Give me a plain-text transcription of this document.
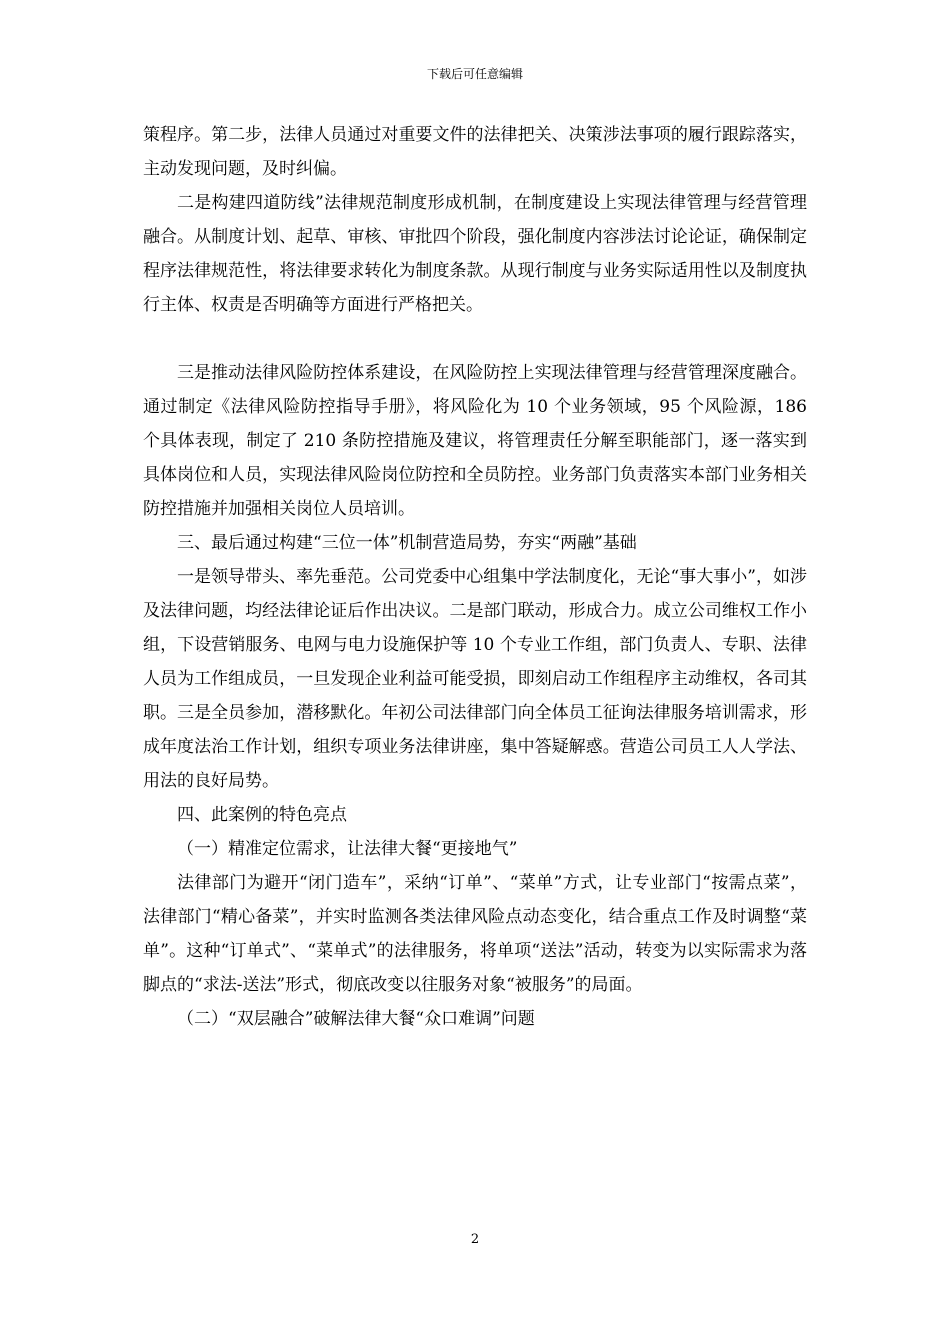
下载后可任意编辑

策程序。第二步，法律人员通过对重要文件的法律把关、决策涉法事项的履行跟踪落实，主动发现问题，及时纠偏。

二是构建四道防线”法律规范制度形成机制，在制度建设上实现法律管理与经营管理融合。从制度计划、起草、审核、审批四个阶段，强化制度内容涉法讨论论证，确保制定程序法律规范性，将法律要求转化为制度条款。从现行制度与业务实际适用性以及制度执行主体、权责是否明确等方面进行严格把关。

三是推动法律风险防控体系建设，在风险防控上实现法律管理与经营管理深度融合。通过制定《法律风险防控指导手册》，将风险化为 10 个业务领域，95 个风险源，186 个具体表现，制定了 210 条防控措施及建议，将管理责任分解至职能部门，逐一落实到具体岗位和人员，实现法律风险岗位防控和全员防控。业务部门负责落实本部门业务相关防控措施并加强相关岗位人员培训。

三、最后通过构建“三位一体”机制营造局势，夯实“两融”基础

一是领导带头、率先垂范。公司党委中心组集中学法制度化，无论“事大事小”，如涉及法律问题，均经法律论证后作出决议。二是部门联动，形成合力。成立公司维权工作小组，下设营销服务、电网与电力设施保护等 10 个专业工作组，部门负责人、专职、法律人员为工作组成员，一旦发现企业利益可能受损，即刻启动工作组程序主动维权，各司其职。三是全员参加，潜移默化。年初公司法律部门向全体员工征询法律服务培训需求，形成年度法治工作计划，组织专项业务法律讲座，集中答疑解惑。营造公司员工人人学法、用法的良好局势。

四、此案例的特色亮点

（一）精准定位需求，让法律大餐“更接地气”

法律部门为避开“闭门造车”，采纳“订单”、“菜单”方式，让专业部门“按需点菜”，法律部门“精心备菜”，并实时监测各类法律风险点动态变化，结合重点工作及时调整“菜单”。这种“订单式”、“菜单式”的法律服务，将单项“送法”活动，转变为以实际需求为落脚点的“求法-送法”形式，彻底改变以往服务对象“被服务”的局面。

（二）“双层融合”破解法律大餐“众口难调”问题

2
